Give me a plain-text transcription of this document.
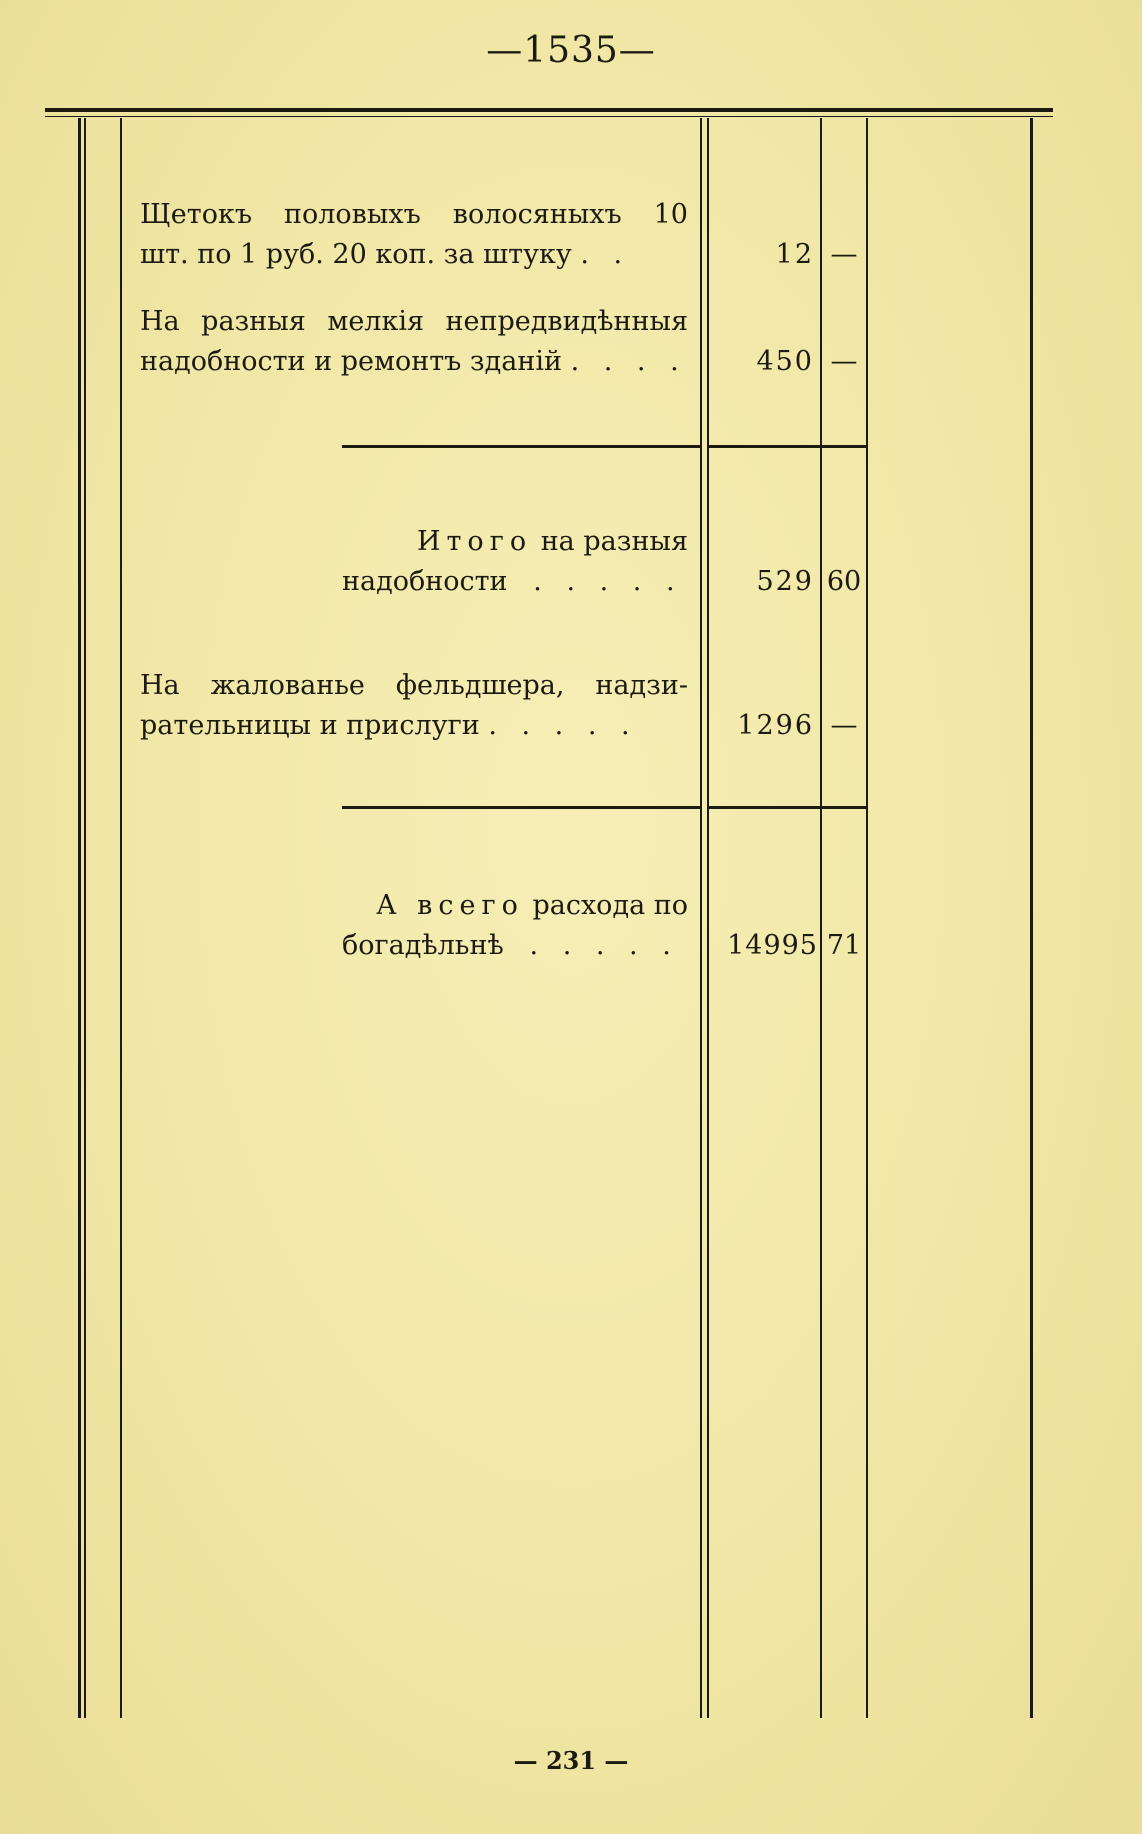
—1535—
Щетокъ половыхъ волосяныхъ 10
шт. по 1 руб. 20 коп. за штуку . .	12 —
На разныя мелкія непредвидѣнныя
надобности и ремонтъ зданій . . . .	450 —
Итого на разныя
надобности . . . . .	529 60
На жалованье фельдшера, надзи-
рательницы и прислуги . . . . .	1296 —
А всего расхода по
богадѣльнѣ . . . . .	14995 71
— 231 —
